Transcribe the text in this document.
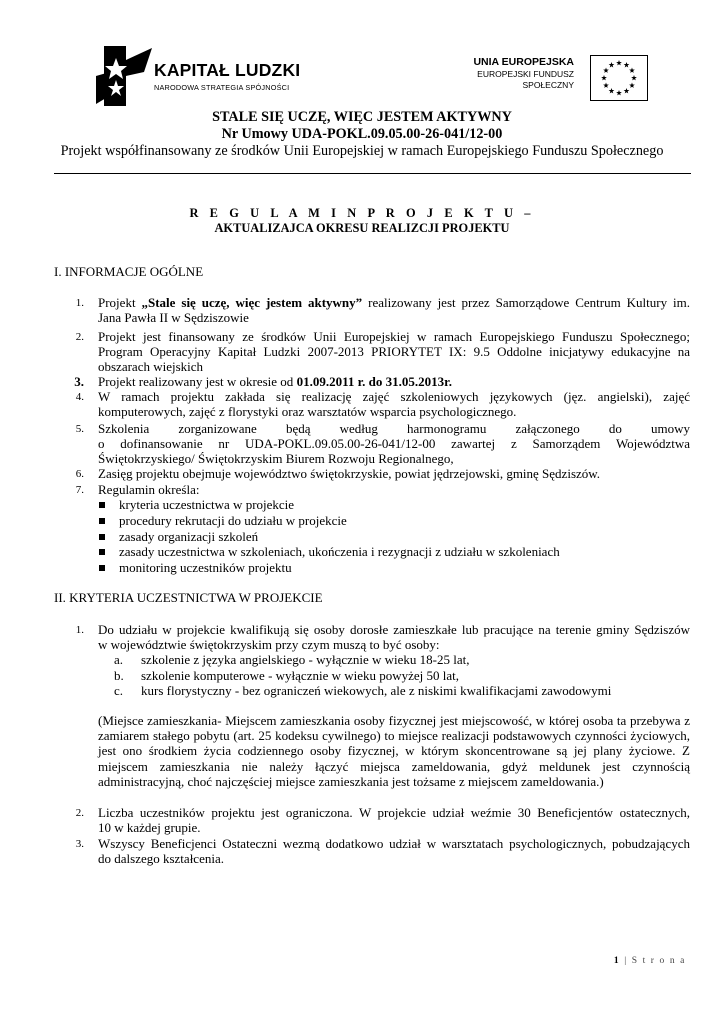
KAPITAŁ LUDZKI
NARODOWA STRATEGIA SPÓJNOŚCI
UNIA EUROPEJSKA
EUROPEJSKI FUNDUSZ
SPOŁECZNY
STALE SIĘ UCZĘ, WIĘC JESTEM AKTYWNY
Nr Umowy UDA-POKL.09.05.00-26-041/12-00
Projekt współfinansowany ze środków Unii Europejskiej w ramach Europejskiego Funduszu Społecznego
R E G U L A M I N P R O J E K T U –
AKTUALIZAJCA OKRESU REALIZCJI PROJEKTU
I. INFORMACJE OGÓLNE
1. Projekt „Stale się uczę, więc jestem aktywny” realizowany jest przez Samorządowe Centrum Kultury im.
Jana Pawła II w Sędziszowie
2. Projekt jest finansowany ze środków Unii Europejskiej w ramach Europejskiego Funduszu Społecznego;
Program Operacyjny Kapitał Ludzki 2007-2013 PRIORYTET IX: 9.5 Oddolne inicjatywy edukacyjne na
obszarach wiejskich
3. Projekt realizowany jest w okresie od 01.09.2011 r. do 31.05.2013r.
4. W ramach projektu zakłada się realizację zajęć szkoleniowych językowych (jęz. angielski), zajęć
komputerowych, zajęć z florystyki oraz warsztatów wsparcia psychologicznego.
5. Szkolenia zorganizowane będą według harmonogramu załączonego do umowy
o dofinansowanie nr UDA-POKL.09.05.00-26-041/12-00 zawartej z Samorządem Województwa
Świętokrzyskiego/ Świętokrzyskim Biurem Rozwoju Regionalnego,
6. Zasięg projektu obejmuje województwo świętokrzyskie, powiat jędrzejowski, gminę Sędziszów.
7. Regulamin określa:
kryteria uczestnictwa w projekcie
procedury rekrutacji do udziału w projekcie
zasady organizacji szkoleń
zasady uczestnictwa w szkoleniach, ukończenia i rezygnacji z udziału w szkoleniach
monitoring uczestników projektu
II. KRYTERIA UCZESTNICTWA W PROJEKCIE
1. Do udziału w projekcie kwalifikują się osoby dorosłe zamieszkałe lub pracujące na terenie gminy Sędziszów
w województwie świętokrzyskim przy czym muszą to być osoby:
a.	szkolenie z języka angielskiego - wyłącznie w wieku 18-25 lat,
b.	szkolenie komputerowe - wyłącznie w wieku powyżej 50 lat,
c.	kurs florystyczny - bez ograniczeń wiekowych, ale z niskimi kwalifikacjami zawodowymi
(Miejsce zamieszkania- Miejscem zamieszkania osoby fizycznej jest miejscowość, w której osoba ta przebywa z zamiarem stałego pobytu (art. 25 kodeksu cywilnego) to miejsce realizacji podstawowych czynności życiowych, jest ono środkiem życia codziennego osoby fizycznej, w którym skoncentrowane są jej plany życiowe. Z miejscem zamieszkania nie należy łączyć miejsca zameldowania, gdyż meldunek jest czynnością administracyjną, choć najczęściej miejsce zamieszkania jest tożsame z miejscem zameldowania.)
2. Liczba uczestników projektu jest ograniczona. W projekcie udział weźmie 30 Beneficjentów ostatecznych,
10 w każdej grupie.
3. Wszyscy Beneficjenci Ostateczni wezmą dodatkowo udział w warsztatach psychologicznych, pobudzających
do dalszego kształcenia.
1 | S t r o n a
